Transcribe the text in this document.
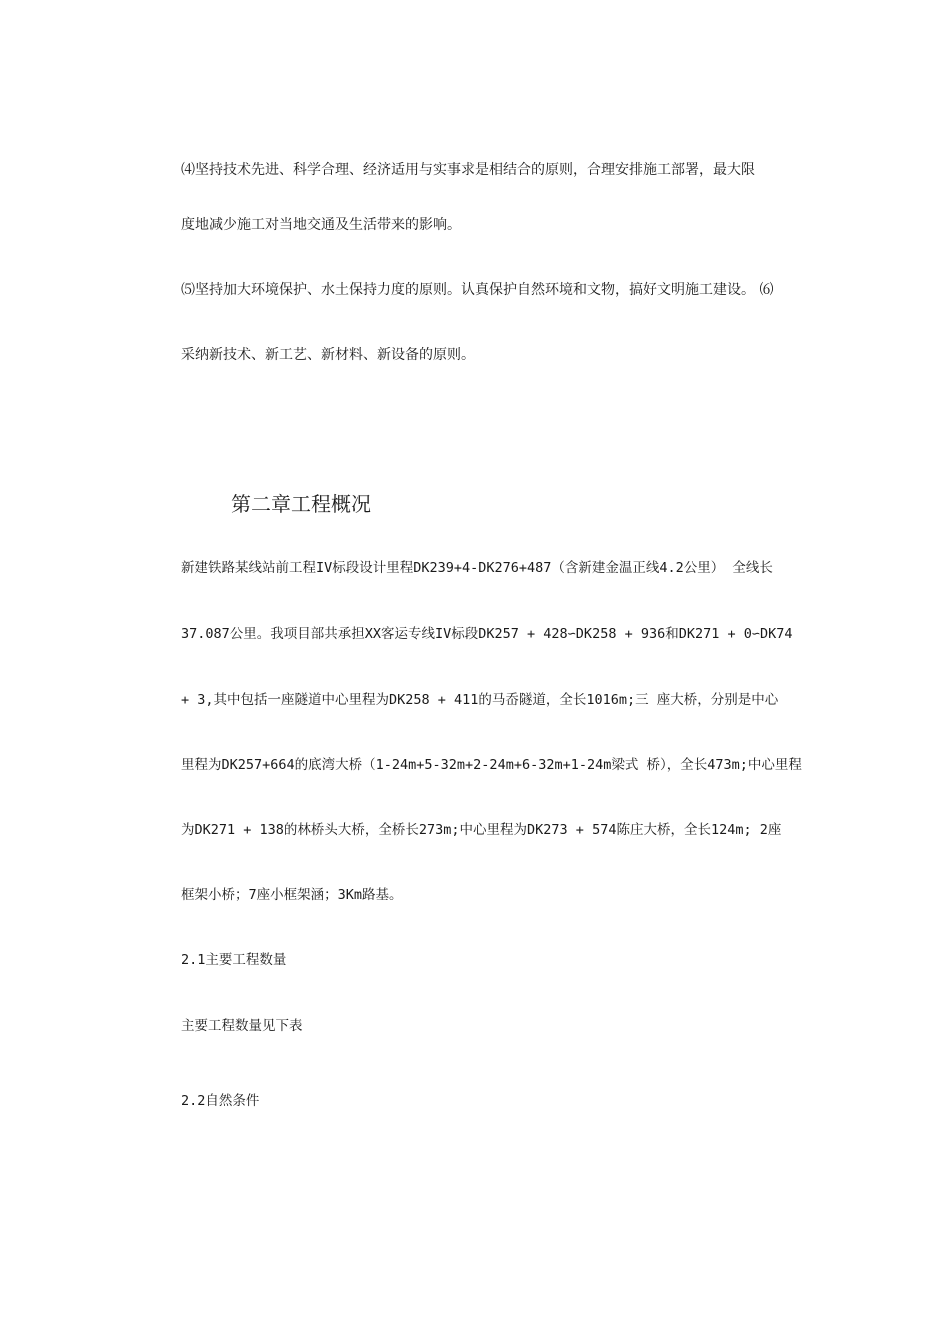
⑷坚持技术先进、科学合理、经济适用与实事求是相结合的原则，合理安排施工部署，最大限
度地减少施工对当地交通及生活带来的影响。
⑸坚持加大环境保护、水土保持力度的原则。认真保护自然环境和文物，搞好文明施工建设。 ⑹
采纳新技术、新工艺、新材料、新设备的原则。
第二章工程概况
新建铁路某线站前工程IV标段设计里程DK239+4-DK276+487（含新建金温正线4.2公里） 全线长
37.087公里。我项目部共承担XX客运专线IV标段DK257 + 428∽DK258 + 936和DK271 + 0∽DK74
+ 3,其中包括一座隧道中心里程为DK258 + 411的马岙隧道，全长1016m;三 座大桥，分别是中心
里程为DK257+664的底湾大桥（1-24m+5-32m+2-24m+6-32m+1-24m梁式 桥），全长473m;中心里程
为DK271 + 138的林桥头大桥，全桥长273m;中心里程为DK273 + 574陈庄大桥，全长124m; 2座
框架小桥；7座小框架涵；3Km路基。
2.1主要工程数量
主要工程数量见下表
2.2自然条件
